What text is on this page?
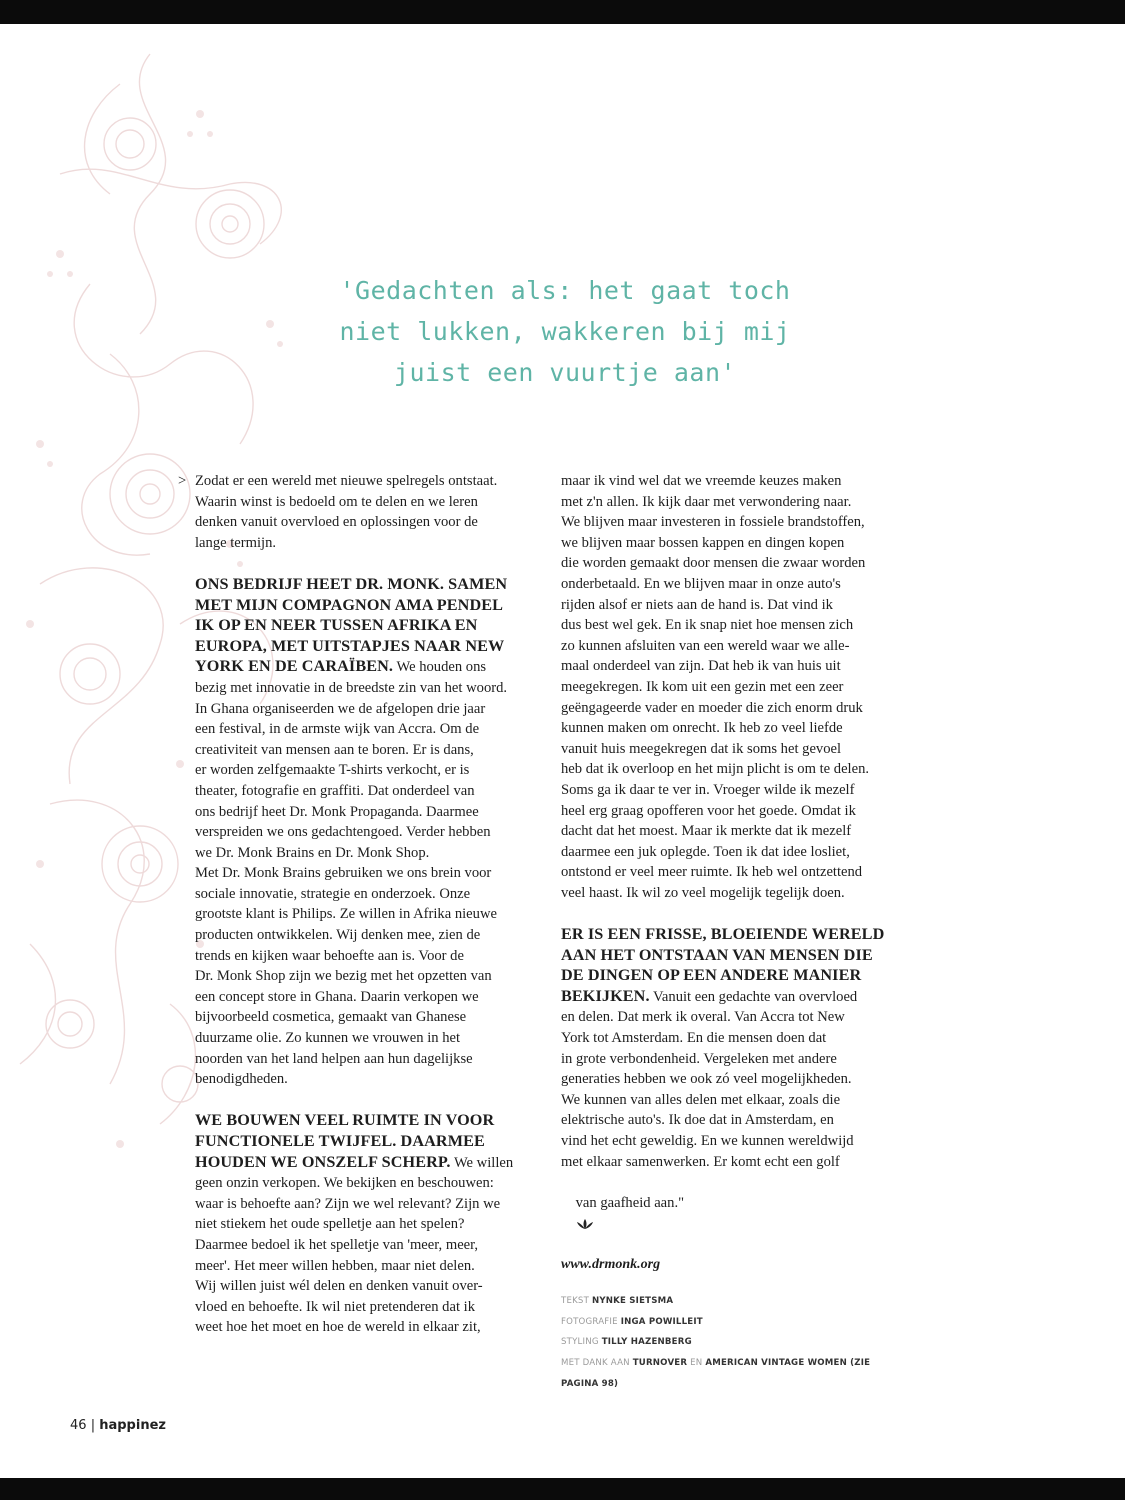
'Gedachten als: het gaat toch
niet lukken, wakkeren bij mij
juist een vuurtje aan'
> Zodat er een wereld met nieuwe spelregels ontstaat.

Waarin winst is bedoeld om te delen en we leren

denken vanuit overvloed en oplossingen voor de

lange termijn.

ONS BEDRIJF HEET DR. MONK. SAMEN

MET MIJN COMPAGNON AMA PENDEL

IK OP EN NEER TUSSEN AFRIKA EN

EUROPA, MET UITSTAPJES NAAR NEW

YORK EN DE CARAÏBEN. We houden ons

bezig met innovatie in de breedste zin van het woord.

In Ghana organiseerden we de afgelopen drie jaar

een festival, in de armste wijk van Accra. Om de

creativiteit van mensen aan te boren. Er is dans,

er worden zelfgemaakte T-shirts verkocht, er is

theater, fotografie en graffiti. Dat onderdeel van

ons bedrijf heet Dr. Monk Propaganda. Daarmee

verspreiden we ons gedachtengoed. Verder hebben

we Dr. Monk Brains en Dr. Monk Shop.

Met Dr. Monk Brains gebruiken we ons brein voor

sociale innovatie, strategie en onderzoek. Onze

grootste klant is Philips. Ze willen in Afrika nieuwe

producten ontwikkelen. Wij denken mee, zien de

trends en kijken waar behoefte aan is. Voor de

Dr. Monk Shop zijn we bezig met het opzetten van

een concept store in Ghana. Daarin verkopen we

bijvoorbeeld cosmetica, gemaakt van Ghanese

duurzame olie. Zo kunnen we vrouwen in het

noorden van het land helpen aan hun dagelijkse

benodigdheden.

WE BOUWEN VEEL RUIMTE IN VOOR

FUNCTIONELE TWIJFEL. DAARMEE

HOUDEN WE ONSZELF SCHERP. We willen

geen onzin verkopen. We bekijken en beschouwen:

waar is behoefte aan? Zijn we wel relevant? Zijn we

niet stiekem het oude spelletje aan het spelen?

Daarmee bedoel ik het spelletje van 'meer, meer,

meer'. Het meer willen hebben, maar niet delen.

Wij willen juist wél delen en denken vanuit over-

vloed en behoefte. Ik wil niet pretenderen dat ik

weet hoe het moet en hoe de wereld in elkaar zit,

maar ik vind wel dat we vreemde keuzes maken

met z'n allen. Ik kijk daar met verwondering naar.

We blijven maar investeren in fossiele brandstoffen,

we blijven maar bossen kappen en dingen kopen

die worden gemaakt door mensen die zwaar worden

onderbetaald. En we blijven maar in onze auto's

rijden alsof er niets aan de hand is. Dat vind ik

dus best wel gek. En ik snap niet hoe mensen zich

zo kunnen afsluiten van een wereld waar we alle-

maal onderdeel van zijn. Dat heb ik van huis uit

meegekregen. Ik kom uit een gezin met een zeer

geëngageerde vader en moeder die zich enorm druk

kunnen maken om onrecht. Ik heb zo veel liefde

vanuit huis meegekregen dat ik soms het gevoel

heb dat ik overloop en het mijn plicht is om te delen.

Soms ga ik daar te ver in. Vroeger wilde ik mezelf

heel erg graag opofferen voor het goede. Omdat ik

dacht dat het moest. Maar ik merkte dat ik mezelf

daarmee een juk oplegde. Toen ik dat idee losliet,

ontstond er veel meer ruimte. Ik heb wel ontzettend

veel haast. Ik wil zo veel mogelijk tegelijk doen.

ER IS EEN FRISSE, BLOEIENDE WERELD

AAN HET ONTSTAAN VAN MENSEN DIE

DE DINGEN OP EEN ANDERE MANIER

BEKIJKEN. Vanuit een gedachte van overvloed

en delen. Dat merk ik overal. Van Accra tot New

York tot Amsterdam. En die mensen doen dat

in grote verbondenheid. Vergeleken met andere

generaties hebben we ook zó veel mogelijkheden.

We kunnen van alles delen met elkaar, zoals die

elektrische auto's. Ik doe dat in Amsterdam, en

vind het echt geweldig. En we kunnen wereldwijd

met elkaar samenwerken. Er komt echt een golf

van gaafheid aan."

www.drmonk.org

TEKST NYNKE SIETSMA
FOTOGRAFIE INGA POWILLEIT
STYLING TILLY HAZENBERG
MET DANK AAN TURNOVER EN AMERICAN VINTAGE WOMEN (ZIE PAGINA 98)
46 | happinez
